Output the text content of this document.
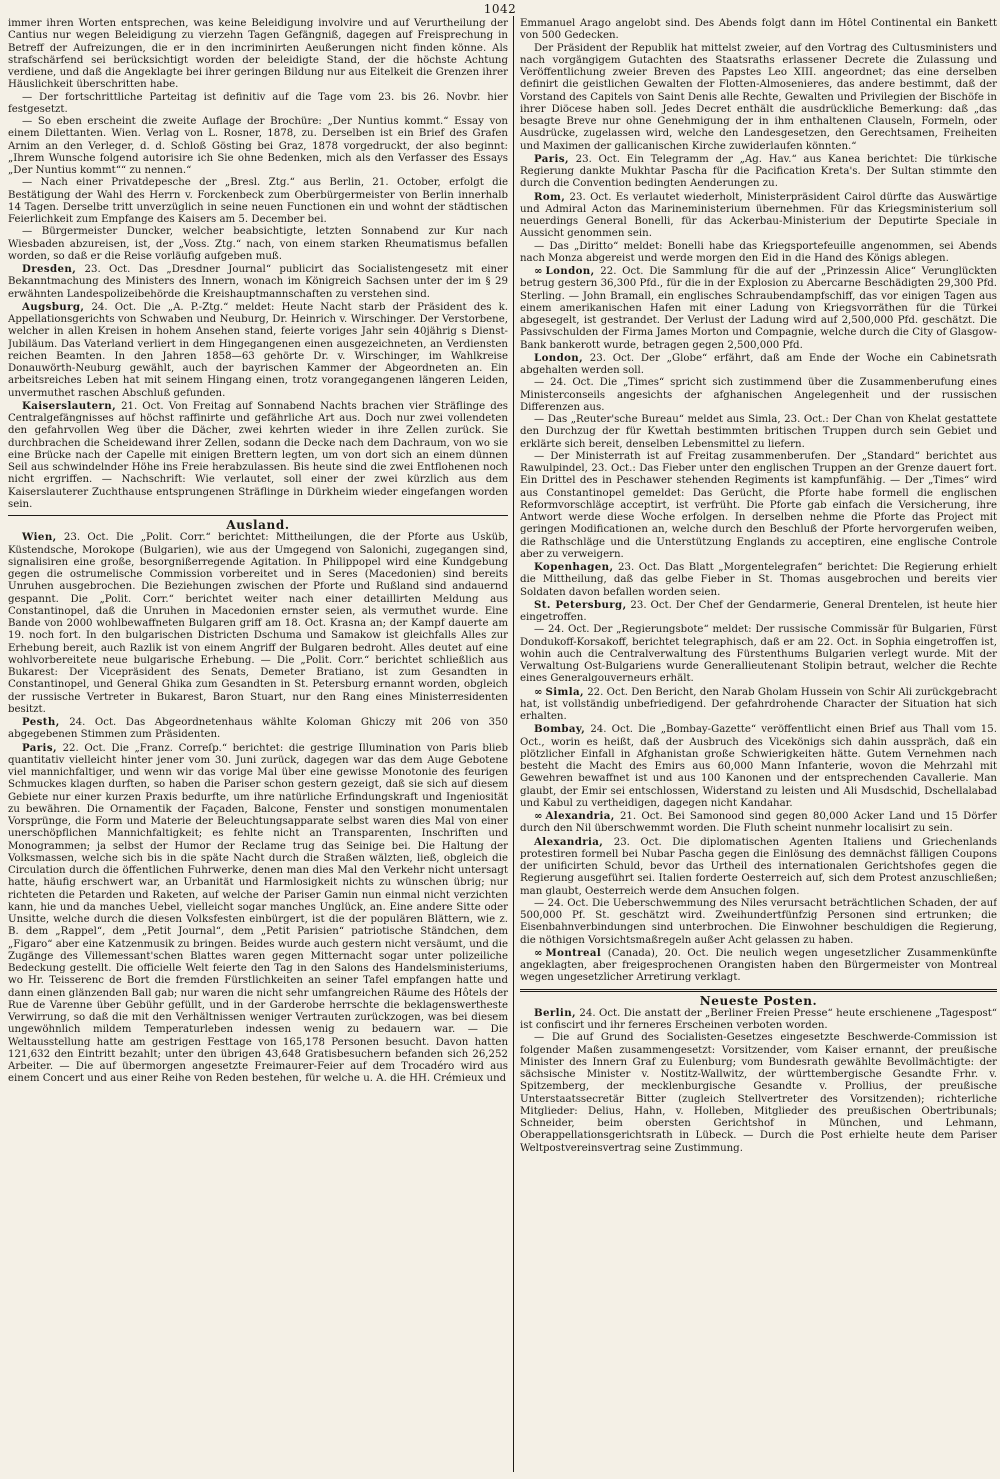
1042

immer ihren Worten entsprechen, was keine Beleidigung involvire und auf Verurtheilung der Cantius nur wegen Beleidigung zu vierzehn Tagen Gefängniß, dagegen auf Freisprechung in Betreff der Aufreizungen, die er in den incriminirten Aeußerungen nicht finden könne. Als strafschärfend sei berücksichtigt worden der beleidigte Stand, der die höchste Achtung verdiene, und daß die Angeklagte bei ihrer geringen Bildung nur aus Eitelkeit die Grenzen ihrer Häuslichkeit überschritten habe.

— Der fortschrittliche Parteitag ist definitiv auf die Tage vom 23. bis 26. Novbr. hier festgesetzt.

— So eben erscheint die zweite Auflage der Brochüre: „Der Nuntius kommt.“ Essay von einem Dilettanten. Wien. Verlag von L. Rosner, 1878, zu. Derselben ist ein Brief des Grafen Arnim an den Verleger, d. d. Schloß Gösting bei Graz, 1878 vorgedruckt, der also beginnt: „Ihrem Wunsche folgend autorisire ich Sie ohne Bedenken, mich als den Verfasser des Essays „Der Nuntius kommt““ zu nennen.“

— Nach einer Privatdepesche der „Bresl. Ztg.“ aus Berlin, 21. October, erfolgt die Bestätigung der Wahl des Herrn v. Forckenbeck zum Oberbürgermeister von Berlin innerhalb 14 Tagen. Derselbe tritt unverzüglich in seine neuen Functionen ein und wohnt der städtischen Feierlichkeit zum Empfange des Kaisers am 5. December bei.

— Bürgermeister Duncker, welcher beabsichtigte, letzten Sonnabend zur Kur nach Wiesbaden abzureisen, ist, der „Voss. Ztg.“ nach, von einem starken Rheumatismus befallen worden, so daß er die Reise vorläufig aufgeben muß.

Dresden, 23. Oct. Das „Dresdner Journal“ publicirt das Socialistengesetz mit einer Bekanntmachung des Ministers des Innern, wonach im Königreich Sachsen unter der im § 29 erwähnten Landespolizeibehörde die Kreishauptmannschaften zu verstehen sind.

Augsburg, 24. Oct. Die „A. P.-Ztg.“ meldet: Heute Nacht starb der Präsident des k. Appellationsgerichts von Schwaben und Neuburg, Dr. Heinrich v. Wirschinger. Der Verstorbene, welcher in allen Kreisen in hohem Ansehen stand, feierte voriges Jahr sein 40jährig s Dienst-Jubiläum. Das Vaterland verliert in dem Hingegangenen einen ausgezeichneten, an Verdiensten reichen Beamten. In den Jahren 1858—63 gehörte Dr. v. Wirschinger, im Wahlkreise Donauwörth-Neuburg gewählt, auch der bayrischen Kammer der Abgeordneten an. Ein arbeitsreiches Leben hat mit seinem Hingang einen, trotz vorangegangenen längeren Leiden, unvermuthet raschen Abschluß gefunden.

Kaiserslautern, 21. Oct. Von Freitag auf Sonnabend Nachts brachen vier Sträflinge des Centralgefängnisses auf höchst raffinirte und gefährliche Art aus. Doch nur zwei vollendeten den gefahrvollen Weg über die Dächer, zwei kehrten wieder in ihre Zellen zurück. Sie durchbrachen die Scheidewand ihrer Zellen, sodann die Decke nach dem Dachraum, von wo sie eine Brücke nach der Capelle mit einigen Brettern legten, um von dort sich an einem dünnen Seil aus schwindelnder Höhe ins Freie herabzulassen. Bis heute sind die zwei Entflohenen noch nicht ergriffen. — Nachschrift: Wie verlautet, soll einer der zwei kürzlich aus dem Kaiserslauterer Zuchthause entsprungenen Sträflinge in Dürkheim wieder eingefangen worden sein.

Ausland.

Wien, 23. Oct. Die „Polit. Corr.“ berichtet: Mittheilungen, die der Pforte aus Usküb, Küstendsche, Morokope (Bulgarien), wie aus der Umgegend von Salonichi, zugegangen sind, signalisiren eine große, besorgnißerregende Agitation. In Philippopel wird eine Kundgebung gegen die ostrumelische Commission vorbereitet und in Seres (Macedonien) sind bereits Unruhen ausgebrochen. Die Beziehungen zwischen der Pforte und Rußland sind andauernd gespannt. Die „Polit. Corr.“ berichtet weiter nach einer detaillirten Meldung aus Constantinopel, daß die Unruhen in Macedonien ernster seien, als vermuthet wurde. Eine Bande von 2000 wohlbewaffneten Bulgaren griff am 18. Oct. Krasna an; der Kampf dauerte am 19. noch fort. In den bulgarischen Districten Dschuma und Samakow ist gleichfalls Alles zur Erhebung bereit, auch Razlik ist von einem Angriff der Bulgaren bedroht. Alles deutet auf eine wohlvorbereitete neue bulgarische Erhebung. — Die „Polit. Corr.“ berichtet schließlich aus Bukarest: Der Vicepräsident des Senats, Demeter Bratiano, ist zum Gesandten in Constantinopel, und General Ghika zum Gesandten in St. Petersburg ernannt worden, obgleich der russische Vertreter in Bukarest, Baron Stuart, nur den Rang eines Ministerresidenten besitzt.

Pesth, 24. Oct. Das Abgeordnetenhaus wählte Koloman Ghiczy mit 206 von 350 abgegebenen Stimmen zum Präsidenten.

Paris, 22. Oct. Die „Franz. Correſp.“ berichtet: die gestrige Illumination von Paris blieb quantitativ vielleicht hinter jener vom 30. Juni zurück, dagegen war das dem Auge Gebotene viel mannichfaltiger, und wenn wir das vorige Mal über eine gewisse Monotonie des feurigen Schmuckes klagen durften, so haben die Pariser schon gestern gezeigt, daß sie sich auf diesem Gebiete nur einer kurzen Praxis bedurfte, um ihre natürliche Erfindungskraft und Ingeniosität zu bewähren. Die Ornamentik der Façaden, Balcone, Fenster und sonstigen monumentalen Vorsprünge, die Form und Materie der Beleuchtungsapparate selbst waren dies Mal von einer unerschöpflichen Mannichfaltigkeit; es fehlte nicht an Transparenten, Inschriften und Monogrammen; ja selbst der Humor der Reclame trug das Seinige bei. Die Haltung der Volksmassen, welche sich bis in die späte Nacht durch die Straßen wälzten, ließ, obgleich die Circulation durch die öffentlichen Fuhrwerke, denen man dies Mal den Verkehr nicht untersagt hatte, häufig erschwert war, an Urbanität und Harmlosigkeit nichts zu wünschen übrig; nur richteten die Petarden und Raketen, auf welche der Pariser Gamin nun einmal nicht verzichten kann, hie und da manches Uebel, vielleicht sogar manches Unglück, an. Eine andere Sitte oder Unsitte, welche durch die diesen Volksfesten einbürgert, ist die der populären Blättern, wie z. B. dem „Rappel“, dem „Petit Journal“, dem „Petit Parisien“ patriotische Ständchen, dem „Figaro“ aber eine Katzenmusik zu bringen. Beides wurde auch gestern nicht versäumt, und die Zugänge des Villemessant'schen Blattes waren gegen Mitternacht sogar unter polizeiliche Bedeckung gestellt. Die officielle Welt feierte den Tag in den Salons des Handelsministeriums, wo Hr. Teisserenc de Bort die fremden Fürstlichkeiten an seiner Tafel empfangen hatte und dann einen glänzenden Ball gab; nur waren die nicht sehr umfangreichen Räume des Hôtels der Rue de Varenne über Gebühr gefüllt, und in der Garderobe herrschte die beklagenswertheste Verwirrung, so daß die mit den Verhältnissen weniger Vertrauten zurückzogen, was bei diesem ungewöhnlich mildem Temperaturleben indessen wenig zu bedauern war. — Die Weltausstellung hatte am gestrigen Festtage von 165,178 Personen besucht. Davon hatten 121,632 den Eintritt bezahlt; unter den übrigen 43,648 Gratisbesuchern befanden sich 26,252 Arbeiter. — Die auf übermorgen angesetzte Freimaurer-Feier auf dem Trocadéro wird aus einem Concert und aus einer Reihe von Reden bestehen, für welche u. A. die HH. Crémieux und

Emmanuel Arago angelobt sind. Des Abends folgt dann im Hôtel Continental ein Bankett von 500 Gedecken.

Der Präsident der Republik hat mittelst zweier, auf den Vortrag des Cultusministers und nach vorgängigem Gutachten des Staatsraths erlassener Decrete die Zulassung und Veröffentlichung zweier Breven des Papstes Leo XIII. angeordnet; das eine derselben definirt die geistlichen Gewalten der Flotten-Almosenieres, das andere bestimmt, daß der Vorstand des Capitels von Saint Denis alle Rechte, Gewalten und Privilegien der Bischöfe in ihrer Diöcese haben soll. Jedes Decret enthält die ausdrückliche Bemerkung: daß „das besagte Breve nur ohne Genehmigung der in ihm enthaltenen Clauseln, Formeln, oder Ausdrücke, zugelassen wird, welche den Landesgesetzen, den Gerechtsamen, Freiheiten und Maximen der gallicanischen Kirche zuwiderlaufen könnten.“

Paris, 23. Oct. Ein Telegramm der „Ag. Hav.“ aus Kanea berichtet: Die türkische Regierung dankte Mukhtar Pascha für die Pacification Kreta's. Der Sultan stimmte den durch die Convention bedingten Aenderungen zu.

Rom, 23. Oct. Es verlautet wiederholt, Ministerpräsident Cairol dürfte das Auswärtige und Admiral Acton das Marineministerium übernehmen. Für das Kriegsministerium soll neuerdings General Bonelli, für das Ackerbau-Ministerium der Deputirte Speciale in Aussicht genommen sein.

— Das „Diritto“ meldet: Bonelli habe das Kriegsportefeuille angenommen, sei Abends nach Monza abgereist und werde morgen den Eid in die Hand des Königs ablegen.

∞ London, 22. Oct. Die Sammlung für die auf der „Prinzessin Alice“ Verunglückten betrug gestern 36,300 Pfd., für die in der Explosion zu Abercarne Beschädigten 29,300 Pfd. Sterling. — John Bramall, ein englisches Schraubendampfschiff, das vor einigen Tagen aus einem amerikanischen Hafen mit einer Ladung von Kriegsvorräthen für die Türkei abgesegelt, ist gestrandet. Der Verlust der Ladung wird auf 2,500,000 Pfd. geschätzt. Die Passivschulden der Firma James Morton und Compagnie, welche durch die City of Glasgow-Bank bankerott wurde, betragen gegen 2,500,000 Pfd.

London, 23. Oct. Der „Globe“ erfährt, daß am Ende der Woche ein Cabinetsrath abgehalten werden soll.

— 24. Oct. Die „Times“ spricht sich zustimmend über die Zusammenberufung eines Ministerconseils angesichts der afghanischen Angelegenheit und der russischen Differenzen aus.

— Das „Reuter'sche Bureau“ meldet aus Simla, 23. Oct.: Der Chan von Khelat gestattete den Durchzug der für Kwettah bestimmten britischen Truppen durch sein Gebiet und erklärte sich bereit, denselben Lebensmittel zu liefern.

— Der Ministerrath ist auf Freitag zusammenberufen. Der „Standard“ berichtet aus Rawulpindel, 23. Oct.: Das Fieber unter den englischen Truppen an der Grenze dauert fort. Ein Drittel des in Peschawer stehenden Regiments ist kampfunfähig. — Der „Times“ wird aus Constantinopel gemeldet: Das Gerücht, die Pforte habe formell die englischen Reformvorschläge acceptirt, ist verfrüht. Die Pforte gab einfach die Versicherung, ihre Antwort werde diese Woche erfolgen. In derselben nehme die Pforte das Project mit geringen Modificationen an, welche durch den Beschluß der Pforte hervorgerufen weiben, die Rathschläge und die Unterstützung Englands zu acceptiren, eine englische Controle aber zu verweigern.

Kopenhagen, 23. Oct. Das Blatt „Morgentelegrafen“ berichtet: Die Regierung erhielt die Mittheilung, daß das gelbe Fieber in St. Thomas ausgebrochen und bereits vier Soldaten davon befallen worden seien.

St. Petersburg, 23. Oct. Der Chef der Gendarmerie, General Drentelen, ist heute hier eingetroffen.

— 24. Oct. Der „Regierungsbote“ meldet: Der russische Commissär für Bulgarien, Fürst Dondukoff-Korsakoff, berichtet telegraphisch, daß er am 22. Oct. in Sophia eingetroffen ist, wohin auch die Centralverwaltung des Fürstenthums Bulgarien verlegt wurde. Mit der Verwaltung Ost-Bulgariens wurde Generallieutenant Stolipin betraut, welcher die Rechte eines Generalgouverneurs erhält.

∞ Simla, 22. Oct. Den Bericht, den Narab Gholam Hussein von Schir Ali zurückgebracht hat, ist vollständig unbefriedigend. Der gefahrdrohende Character der Situation hat sich erhalten.

Bombay, 24. Oct. Die „Bombay-Gazette“ veröffentlicht einen Brief aus Thall vom 15. Oct., worin es heißt, daß der Ausbruch des Vicekönigs sich dahin ausspräch, daß ein plötzlicher Einfall in Afghanistan große Schwierigkeiten hätte. Gutem Vernehmen nach besteht die Macht des Emirs aus 60,000 Mann Infanterie, wovon die Mehrzahl mit Gewehren bewaffnet ist und aus 100 Kanonen und der entsprechenden Cavallerie. Man glaubt, der Emir sei entschlossen, Widerstand zu leisten und Ali Musdschid, Dschellalabad und Kabul zu vertheidigen, dagegen nicht Kandahar.

∞ Alexandria, 21. Oct. Bei Samonood sind gegen 80,000 Acker Land und 15 Dörfer durch den Nil überschwemmt worden. Die Fluth scheint nunmehr localisirt zu sein.

Alexandria, 23. Oct. Die diplomatischen Agenten Italiens und Griechenlands protestiren formell bei Nubar Pascha gegen die Einlösung des demnächst fälligen Coupons der unificirten Schuld, bevor das Urtheil des internationalen Gerichtshofes gegen die Regierung ausgeführt sei. Italien forderte Oesterreich auf, sich dem Protest anzuschließen; man glaubt, Oesterreich werde dem Ansuchen folgen.

— 24. Oct. Die Ueberschwemmung des Niles verursacht beträchtlichen Schaden, der auf 500,000 Pf. St. geschätzt wird. Zweihundertfünfzig Personen sind ertrunken; die Eisenbahnverbindungen sind unterbrochen. Die Einwohner beschuldigen die Regierung, die nöthigen Vorsichtsmaßregeln außer Acht gelassen zu haben.

∞ Montreal (Canada), 20. Oct. Die neulich wegen ungesetzlicher Zusammenkünfte angeklagten, aber freigesprochenen Orangisten haben den Bürgermeister von Montreal wegen ungesetzlicher Arretirung verklagt.

Neueste Posten.

Berlin, 24. Oct. Die anstatt der „Berliner Freien Presse“ heute erschienene „Tagespost“ ist confiscirt und ihr ferneres Erscheinen verboten worden.

— Die auf Grund des Socialisten-Gesetzes eingesetzte Beschwerde-Commission ist folgender Maßen zusammengesetzt: Vorsitzender, vom Kaiser ernannt, der preußische Minister des Innern Graf zu Eulenburg; vom Bundesrath gewählte Bevollmächtigte: der sächsische Minister v. Nostitz-Wallwitz, der württembergische Gesandte Frhr. v. Spitzemberg, der mecklenburgische Gesandte v. Prollius, der preußische Unterstaatssecretär Bitter (zugleich Stellvertreter des Vorsitzenden); richterliche Mitglieder: Delius, Hahn, v. Holleben, Mitglieder des preußischen Obertribunals; Schneider, beim obersten Gerichtshof in München, und Lehmann, Oberappellationsgerichtsrath in Lübeck. — Durch die Post erhielte heute dem Pariser Weltpostvereinsvertrag seine Zustimmung.
